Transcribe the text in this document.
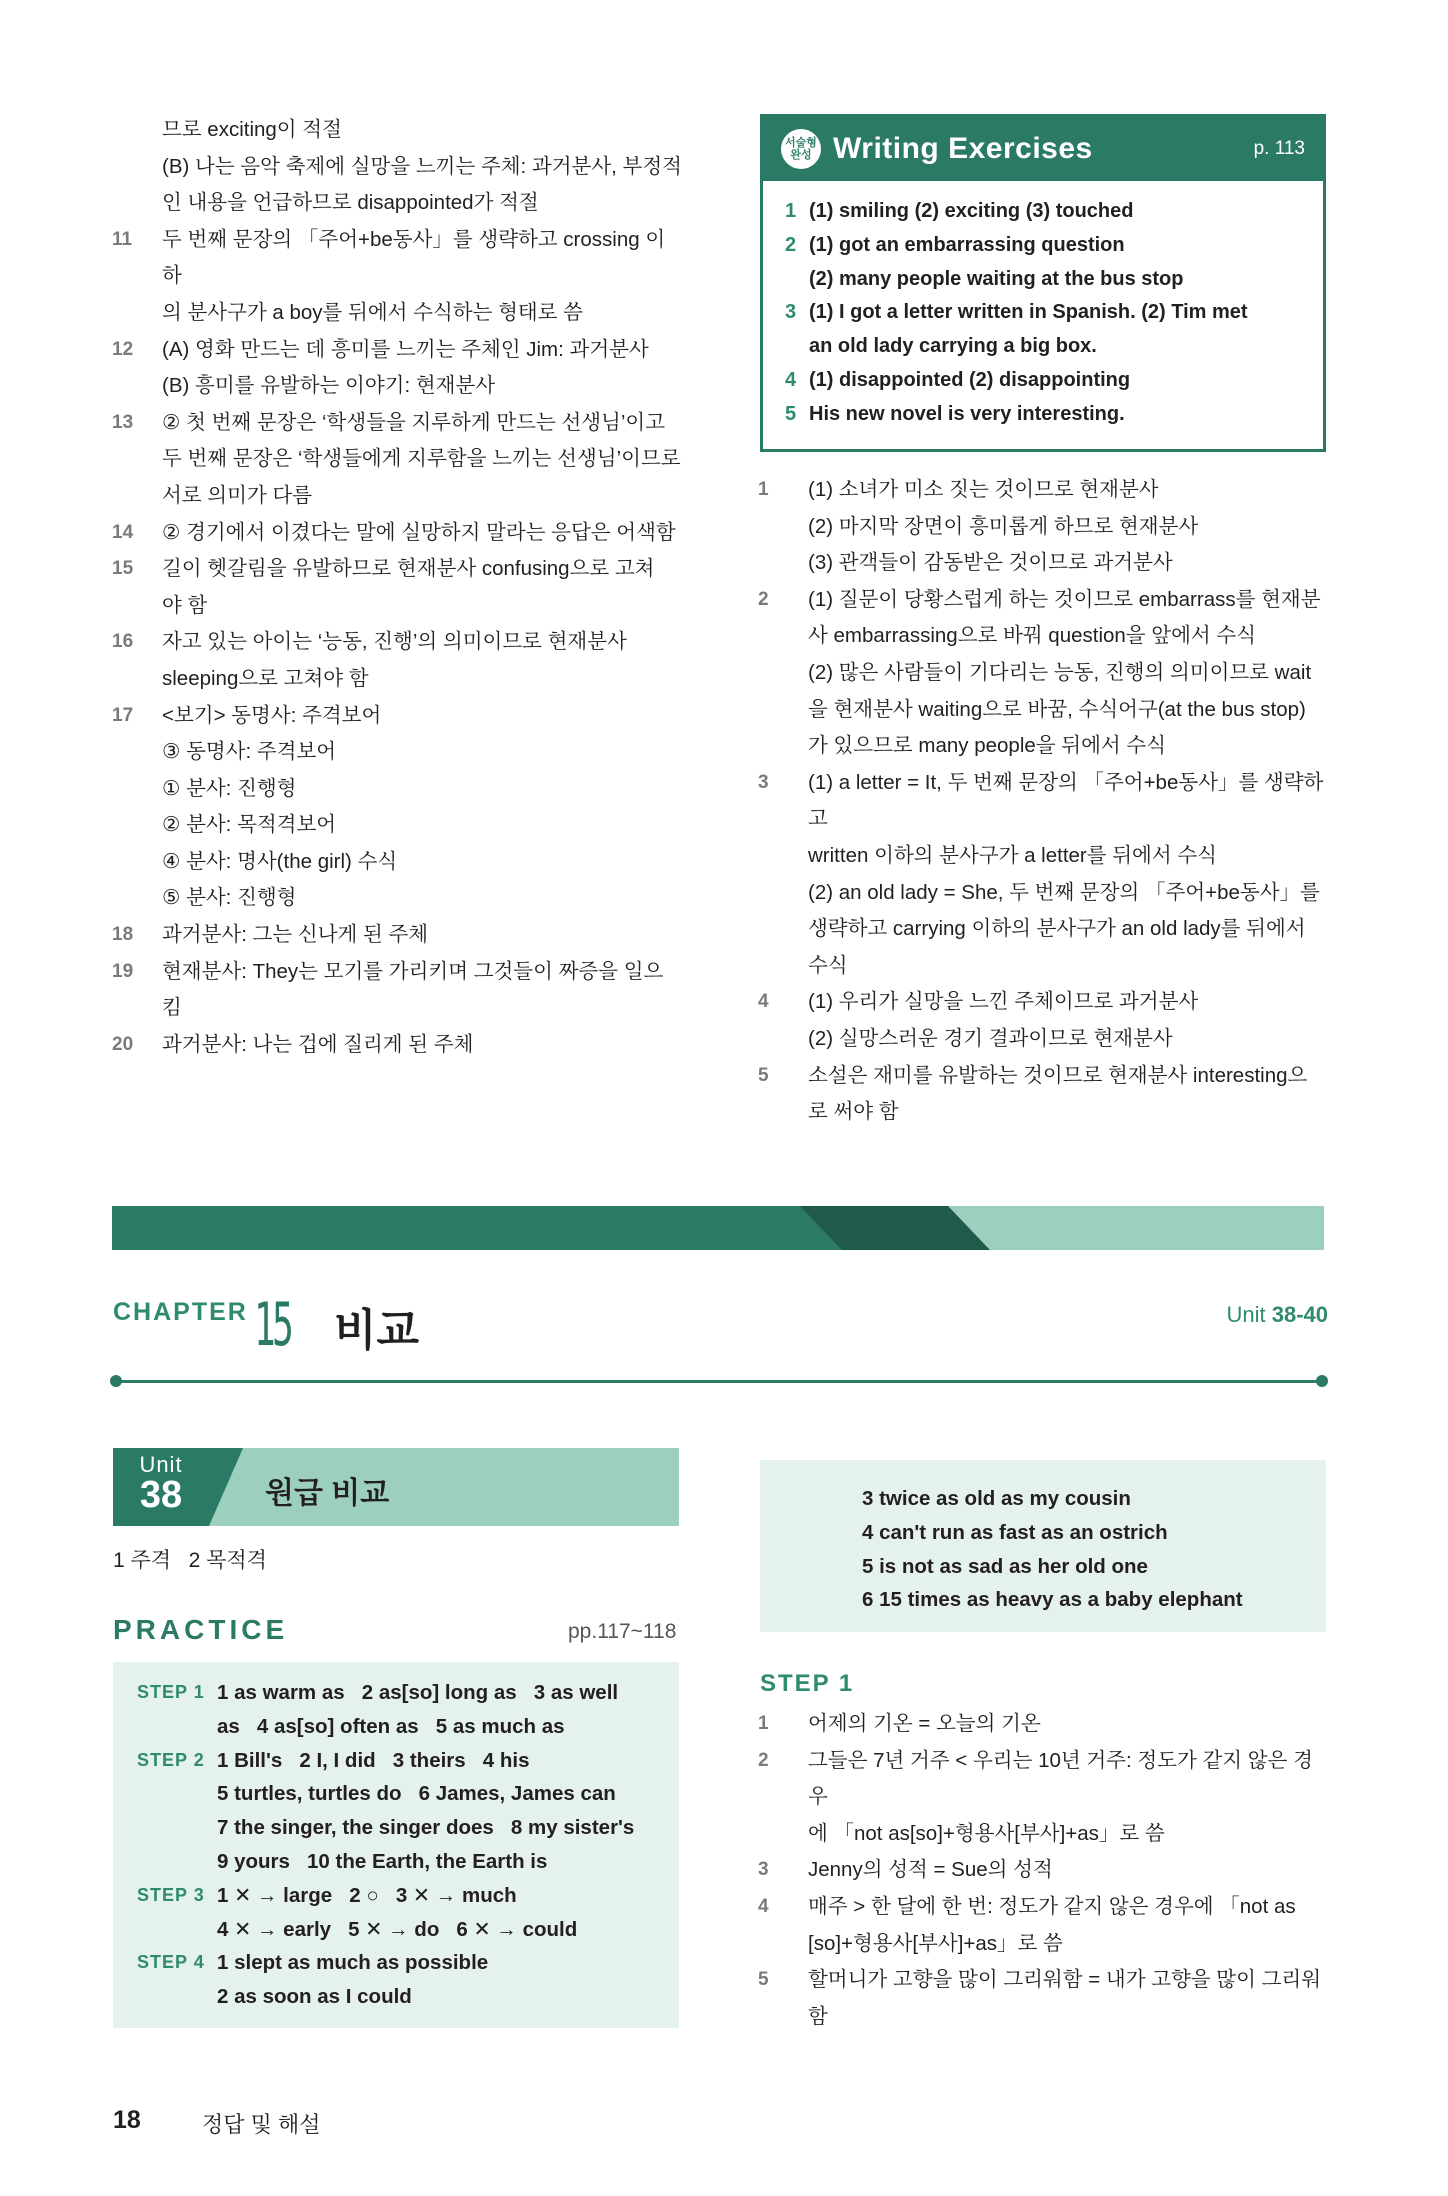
므로 exciting이 적절
(B) 나는 음악 축제에 실망을 느끼는 주체: 과거분사, 부정적
인 내용을 언급하므로 disappointed가 적절
11	두 번째 문장의 「주어+be동사」를 생략하고 crossing 이하
의 분사구가 a boy를 뒤에서 수식하는 형태로 씀
12	(A) 영화 만드는 데 흥미를 느끼는 주체인 Jim: 과거분사
(B) 흥미를 유발하는 이야기: 현재분사
13	② 첫 번째 문장은 ‘학생들을 지루하게 만드는 선생님’이고
두 번째 문장은 ‘학생들에게 지루함을 느끼는 선생님’이므로
서로 의미가 다름
14	② 경기에서 이겼다는 말에 실망하지 말라는 응답은 어색함
15	길이 헷갈림을 유발하므로 현재분사 confusing으로 고쳐
야 함
16	자고 있는 아이는 ‘능동, 진행’의 의미이므로 현재분사
sleeping으로 고쳐야 함
17	<보기> 동명사: 주격보어
③ 동명사: 주격보어
① 분사: 진행형
② 분사: 목적격보어
④ 분사: 명사(the girl) 수식
⑤ 분사: 진행형
18	과거분사: 그는 신나게 된 주체
19	현재분사: They는 모기를 가리키며 그것들이 짜증을 일으
킴
20	과거분사: 나는 겁에 질리게 된 주체
서술형 완성 Writing Exercises	p. 113
1 (1) smiling (2) exciting (3) touched
2 (1) got an embarrassing question
(2) many people waiting at the bus stop
3 (1) I got a letter written in Spanish. (2) Tim met
an old lady carrying a big box.
4 (1) disappointed (2) disappointing
5 His new novel is very interesting.
1	(1) 소녀가 미소 짓는 것이므로 현재분사
(2) 마지막 장면이 흥미롭게 하므로 현재분사
(3) 관객들이 감동받은 것이므로 과거분사
2	(1) 질문이 당황스럽게 하는 것이므로 embarrass를 현재분
사 embarrassing으로 바꿔 question을 앞에서 수식
(2) 많은 사람들이 기다리는 능동, 진행의 의미이므로 wait
을 현재분사 waiting으로 바꿈, 수식어구(at the bus stop)
가 있으므로 many people을 뒤에서 수식
3	(1) a letter = It, 두 번째 문장의 「주어+be동사」를 생략하고
written 이하의 분사구가 a letter를 뒤에서 수식
(2) an old lady = She, 두 번째 문장의 「주어+be동사」를
생략하고 carrying 이하의 분사구가 an old lady를 뒤에서
수식
4	(1) 우리가 실망을 느낀 주체이므로 과거분사
(2) 실망스러운 경기 결과이므로 현재분사
5	소설은 재미를 유발하는 것이므로 현재분사 interesting으
로 써야 함
CHAPTER 15 비교	Unit 38-40
Unit
38	원급 비교
1 주격   2 목적격
PRACTICE	pp.117~118
STEP 1 1 as warm as   2 as[so] long as   3 as well
as   4 as[so] often as   5 as much as
STEP 2 1 Bill's   2 I, I did   3 theirs   4 his
5 turtles, turtles do   6 James, James can
7 the singer, the singer does   8 my sister's
9 yours   10 the Earth, the Earth is
STEP 3 1 ✕ → large   2 ○   3 ✕ → much
4 ✕ → early   5 ✕ → do   6 ✕ → could
STEP 4 1 slept as much as possible
2 as soon as I could
3 twice as old as my cousin
4 can't run as fast as an ostrich
5 is not as sad as her old one
6 15 times as heavy as a baby elephant
STEP 1
1	어제의 기온 = 오늘의 기온
2	그들은 7년 거주 < 우리는 10년 거주: 정도가 같지 않은 경우
에 「not as[so]+형용사[부사]+as」로 씀
3	Jenny의 성적 = Sue의 성적
4	매주 > 한 달에 한 번: 정도가 같지 않은 경우에 「not as
[so]+형용사[부사]+as」로 씀
5	할머니가 고향을 많이 그리워함 = 내가 고향을 많이 그리워
함
18	정답 및 해설
